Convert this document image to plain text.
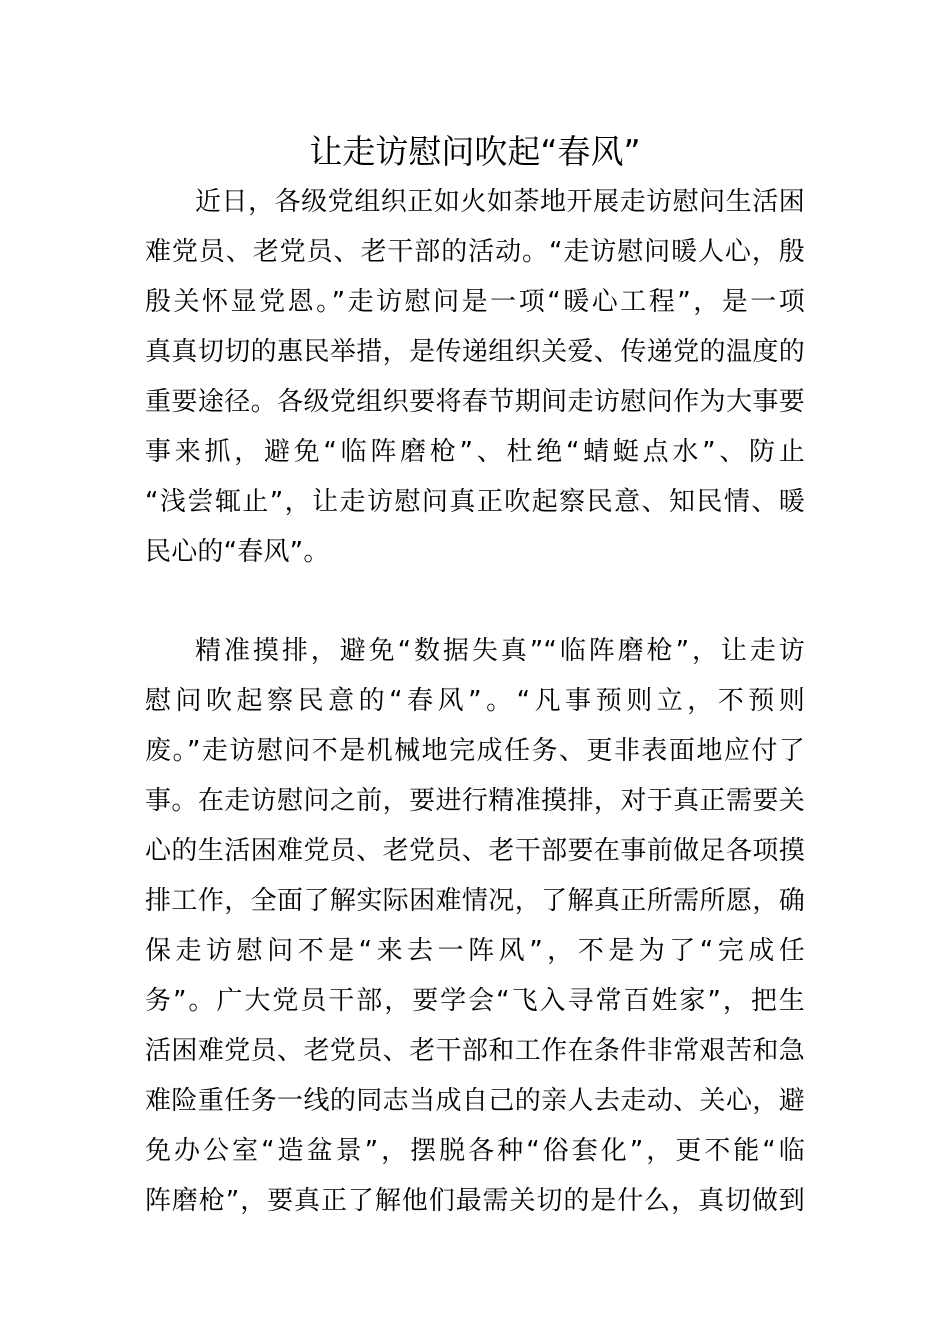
让走访慰问吹起“春风”
近日，各级党组织正如火如荼地开展走访慰问生活困
难党员、老党员、老干部的活动。“走访慰问暖人心，殷
殷关怀显党恩。”走访慰问是一项“暖心工程”，是一项
真真切切的惠民举措，是传递组织关爱、传递党的温度的
重要途径。各级党组织要将春节期间走访慰问作为大事要
事来抓，避免“临阵磨枪”、杜绝“蜻蜓点水”、防止
“浅尝辄止”，让走访慰问真正吹起察民意、知民情、暖
民心的“春风”。
精准摸排，避免“数据失真”“临阵磨枪”，让走访
慰问吹起察民意的“春风”。“凡事预则立，不预则
废。”走访慰问不是机械地完成任务、更非表面地应付了
事。在走访慰问之前，要进行精准摸排，对于真正需要关
心的生活困难党员、老党员、老干部要在事前做足各项摸
排工作，全面了解实际困难情况，了解真正所需所愿，确
保走访慰问不是“来去一阵风”，不是为了“完成任
务”。广大党员干部，要学会“飞入寻常百姓家”，把生
活困难党员、老党员、老干部和工作在条件非常艰苦和急
难险重任务一线的同志当成自己的亲人去走动、关心，避
免办公室“造盆景”，摆脱各种“俗套化”，更不能“临
阵磨枪”，要真正了解他们最需关切的是什么，真切做到
